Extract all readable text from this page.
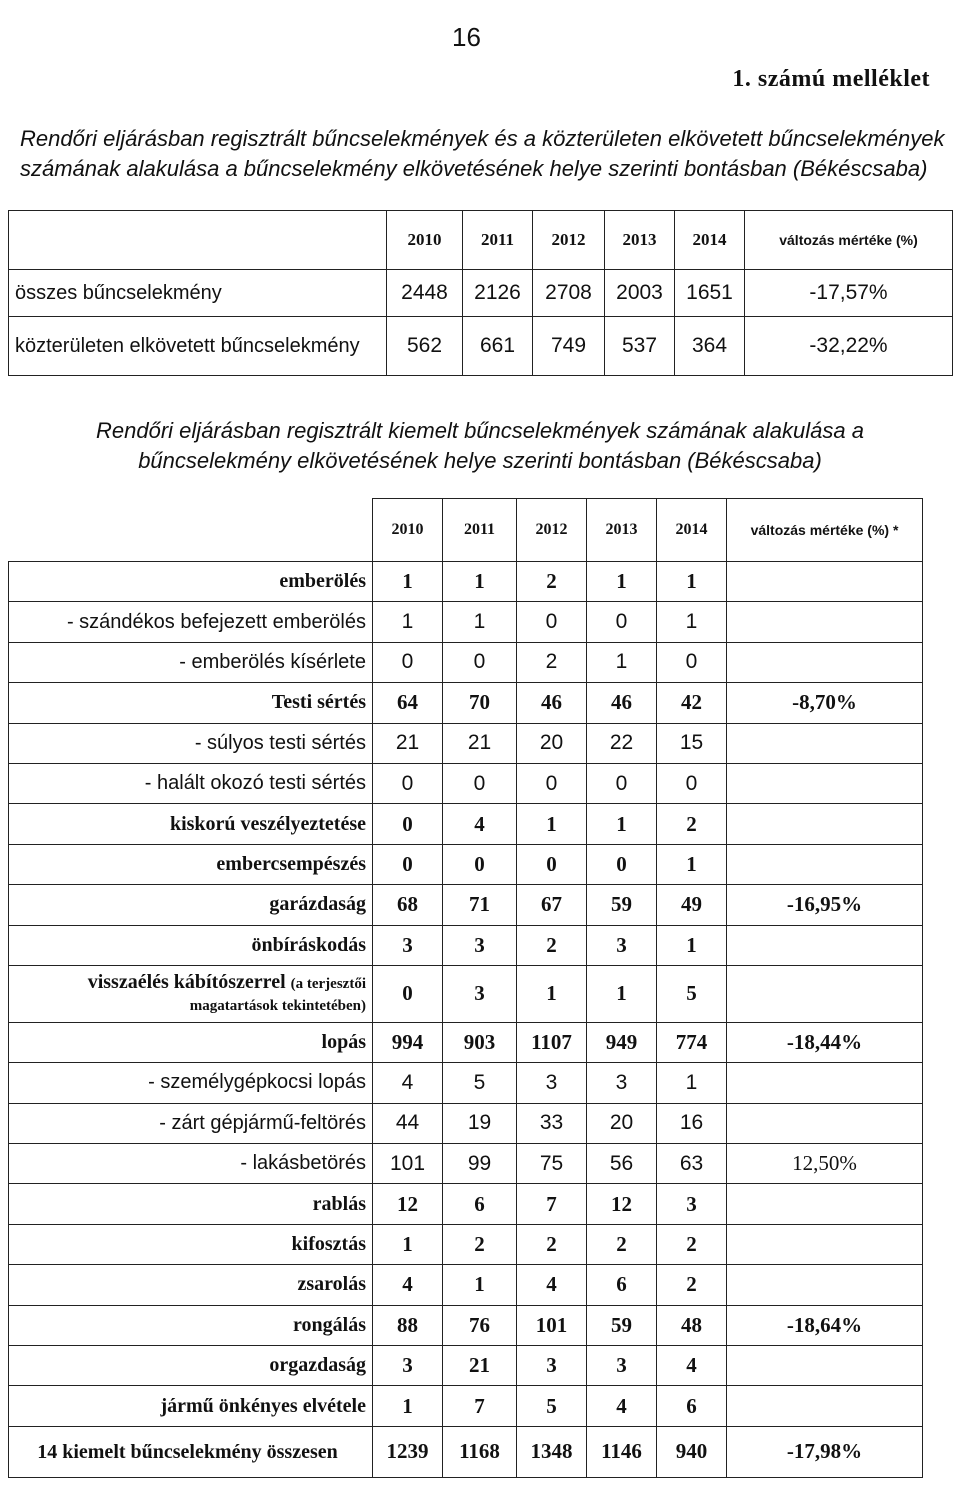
16
1. számú melléklet
Rendőri eljárásban regisztrált bűncselekmények és a közterületen elkövetett bűncselekmények számának alakulása a bűncselekmény elkövetésének helye szerinti bontásban (Békéscsaba)
	2010	2011	2012	2013	2014	változás mértéke (%)
összes bűncselekmény	2448	2126	2708	2003	1651	-17,57%
közterületen elkövetett bűncselekmény	562	661	749	537	364	-32,22%
Rendőri eljárásban regisztrált kiemelt bűncselekmények számának alakulása a bűncselekmény elkövetésének helye szerinti bontásban (Békéscsaba)
	2010	2011	2012	2013	2014	változás mértéke (%) *
emberölés	1	1	2	1	1	
- szándékos befejezett emberölés	1	1	0	0	1	
- emberölés kísérlete	0	0	2	1	0	
Testi sértés	64	70	46	46	42	-8,70%
- súlyos testi sértés	21	21	20	22	15	
- halált okozó testi sértés	0	0	0	0	0	
kiskorú veszélyeztetése	0	4	1	1	2	
embercsempészés	0	0	0	0	1	
garázdaság	68	71	67	59	49	-16,95%
önbíráskodás	3	3	2	3	1	
visszaélés kábítószerrel (a terjesztői magatartások tekintetében)	0	3	1	1	5	
lopás	994	903	1107	949	774	-18,44%
- személygépkocsi lopás	4	5	3	3	1	
- zárt gépjármű-feltörés	44	19	33	20	16	
- lakásbetörés	101	99	75	56	63	12,50%
rablás	12	6	7	12	3	
kifosztás	1	2	2	2	2	
zsarolás	4	1	4	6	2	
rongálás	88	76	101	59	48	-18,64%
orgazdaság	3	21	3	3	4	
jármű önkényes elvétele	1	7	5	4	6	
14 kiemelt bűncselekmény összesen	1239	1168	1348	1146	940	-17,98%
